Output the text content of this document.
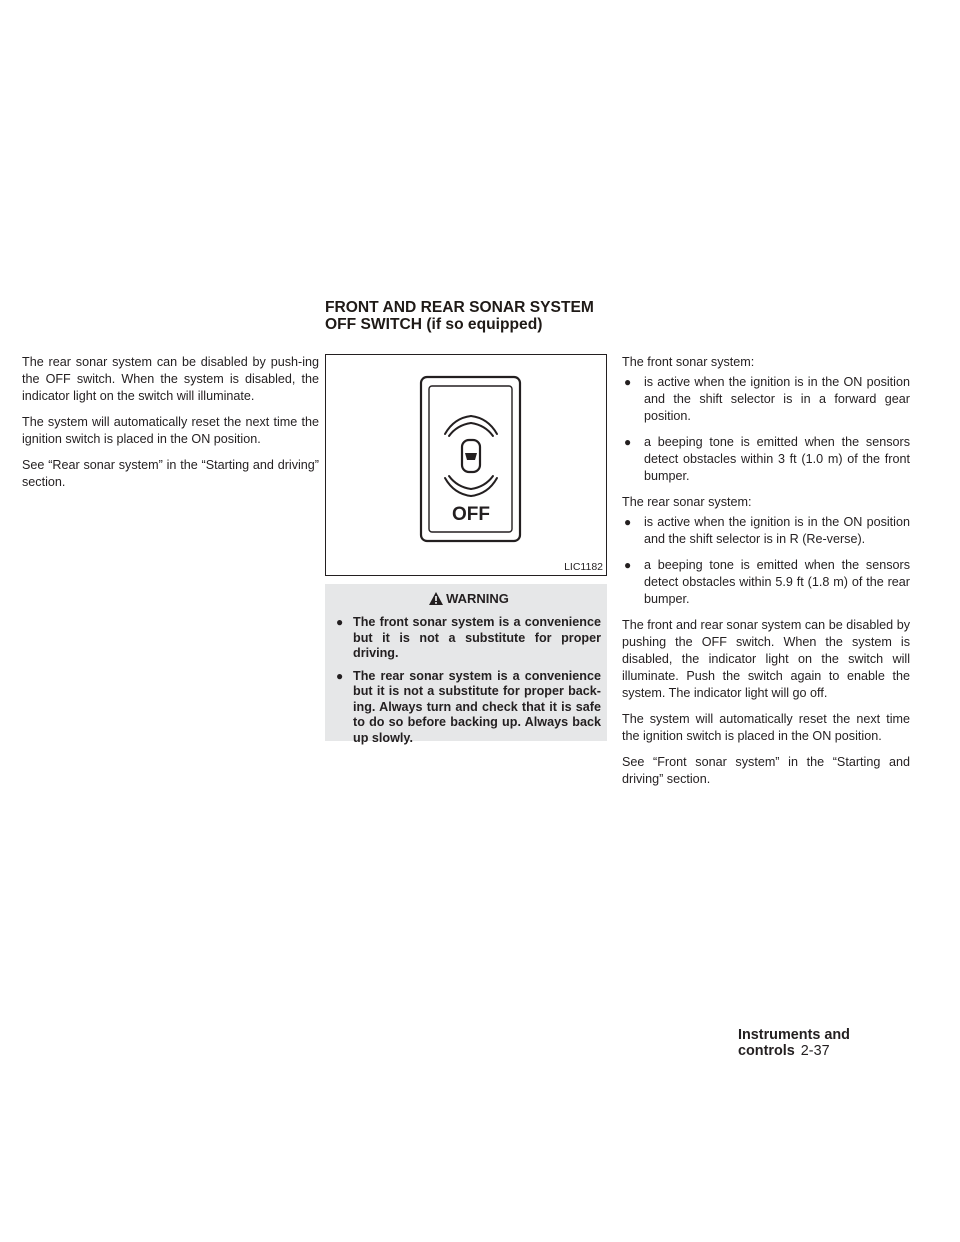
FRONT AND REAR SONAR SYSTEM
OFF SWITCH (if so equipped)

The rear sonar system can be disabled by push-ing the OFF switch. When the system is disabled, the indicator light on the switch will illuminate.

The system will automatically reset the next time the ignition switch is placed in the ON position.

See “Rear sonar system” in the “Starting and driving” section.

OFF
LIC1182
WARNING
● The front sonar system is a convenience but it is not a substitute for proper driving.
● The rear sonar system is a convenience but it is not a substitute for proper back-ing. Always turn and check that it is safe to do so before backing up. Always back up slowly.

The front sonar system:

● is active when the ignition is in the ON position and the shift selector is in a forward gear position.
● a beeping tone is emitted when the sensors detect obstacles within 3 ft (1.0 m) of the front bumper.

The rear sonar system:

● is active when the ignition is in the ON position and the shift selector is in R (Re-verse).
● a beeping tone is emitted when the sensors detect obstacles within 5.9 ft (1.8 m) of the rear bumper.

The front and rear sonar system can be disabled by pushing the OFF switch. When the system is disabled, the indicator light on the switch will illuminate. Push the switch again to enable the system. The indicator light will go off.

The system will automatically reset the next time the ignition switch is placed in the ON position.

See “Front sonar system” in the “Starting and driving” section.

Instruments and controls 2-37
